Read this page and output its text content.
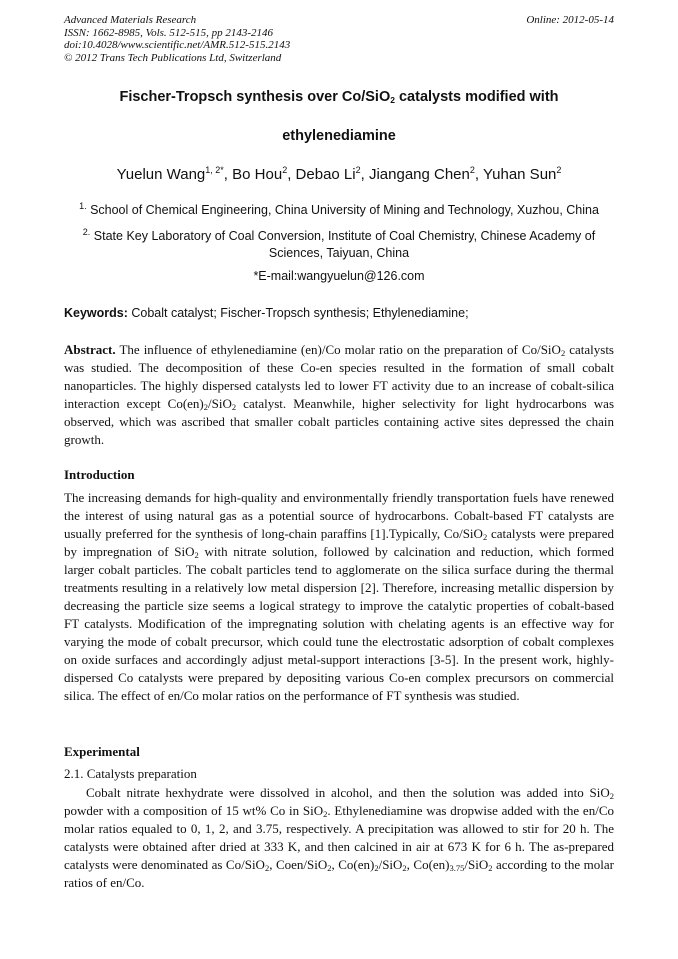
Advanced Materials Research
ISSN: 1662-8985, Vols. 512-515, pp 2143-2146
doi:10.4028/www.scientific.net/AMR.512-515.2143
© 2012 Trans Tech Publications Ltd, Switzerland
Online: 2012-05-14
Fischer-Tropsch synthesis over Co/SiO$_2$ catalysts modified with
ethylenediamine
Yuelun Wang$^{1, 2*}$, Bo Hou$^2$, Debao Li$^2$, Jiangang Chen$^2$, Yuhan Sun$^2$
$^{1.}$ School of Chemical Engineering, China University of Mining and Technology, Xuzhou, China
$^{2.}$ State Key Laboratory of Coal Conversion, Institute of Coal Chemistry, Chinese Academy of Sciences, Taiyuan, China
*E-mail:wangyuelun@126.com
Keywords: Cobalt catalyst; Fischer-Tropsch synthesis; Ethylenediamine;
Abstract. The influence of ethylenediamine (en)/Co molar ratio on the preparation of Co/SiO$_2$ catalysts was studied. The decomposition of these Co-en species resulted in the formation of small cobalt nanoparticles. The highly dispersed catalysts led to lower FT activity due to an increase of cobalt-silica interaction except $Co(en)_2/SiO_2$ catalyst. Meanwhile, higher selectivity for light hydrocarbons was observed, which was ascribed that smaller cobalt particles containing active sites depressed the chain growth.
Introduction
The increasing demands for high-quality and environmentally friendly transportation fuels have renewed the interest of using natural gas as a potential source of hydrocarbons. Cobalt-based FT catalysts are usually preferred for the synthesis of long-chain paraffins [1].Typically, Co/SiO$_2$ catalysts were prepared by impregnation of SiO$_2$ with nitrate solution, followed by calcination and reduction, which formed larger cobalt particles. The cobalt particles tend to agglomerate on the silica surface during the thermal treatments resulting in a relatively low metal dispersion [2]. Therefore, increasing metallic dispersion by decreasing the particle size seems a logical strategy to improve the catalytic properties of cobalt-based FT catalysts. Modification of the impregnating solution with chelating agents is an effective way for varying the mode of cobalt precursor, which could tune the electrostatic adsorption of cobalt complexes on oxide surfaces and accordingly adjust metal-support interactions [3-5]. In the present work, highly-dispersed Co catalysts were prepared by depositing various Co-en complex precursors on commercial silica. The effect of en/Co molar ratios on the performance of FT synthesis was studied.
Experimental
2.1. Catalysts preparation
Cobalt nitrate hexhydrate were dissolved in alcohol, and then the solution was added into SiO$_2$ powder with a composition of 15 wt% Co in SiO$_2$. Ethylenediamine was dropwise added with the en/Co molar ratios equaled to 0, 1, 2, and 3.75, respectively. A precipitation was allowed to stir for 20 h. The catalysts were obtained after dried at 333 K, and then calcined in air at 673 K for 6 h. The as-prepared catalysts were denominated as Co/SiO$_2$, Coen/SiO$_2$, $Co(en)_2/SiO_2$, $Co(en)_{3.75}/SiO_2$ according to the molar ratios of en/Co.
